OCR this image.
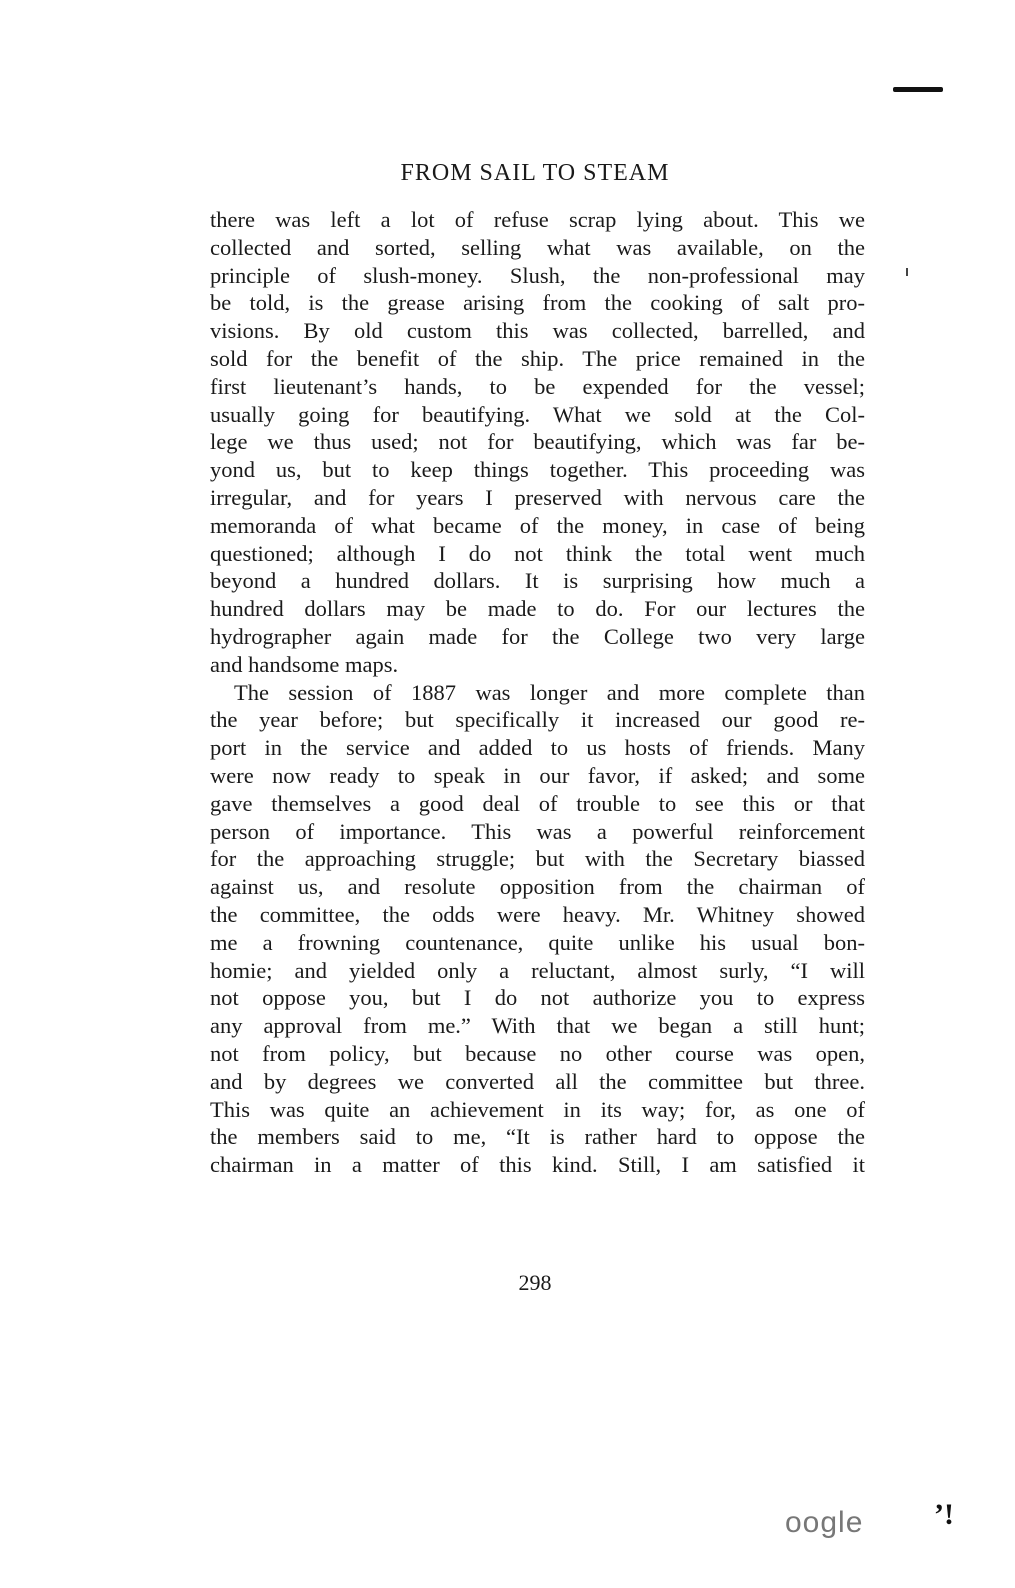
FROM SAIL TO STEAM
there was left a lot of refuse scrap lying about. This we
collected and sorted, selling what was available, on the
principle of slush-money. Slush, the non-professional may
be told, is the grease arising from the cooking of salt pro-
visions. By old custom this was collected, barrelled, and
sold for the benefit of the ship. The price remained in the
first lieutenant’s hands, to be expended for the vessel;
usually going for beautifying. What we sold at the Col-
lege we thus used; not for beautifying, which was far be-
yond us, but to keep things together. This proceeding was
irregular, and for years I preserved with nervous care the
memoranda of what became of the money, in case of being
questioned; although I do not think the total went much
beyond a hundred dollars. It is surprising how much a
hundred dollars may be made to do. For our lectures the
hydrographer again made for the College two very large
and handsome maps.
The session of 1887 was longer and more complete than
the year before; but specifically it increased our good re-
port in the service and added to us hosts of friends. Many
were now ready to speak in our favor, if asked; and some
gave themselves a good deal of trouble to see this or that
person of importance. This was a powerful reinforcement
for the approaching struggle; but with the Secretary biassed
against us, and resolute opposition from the chairman of
the committee, the odds were heavy. Mr. Whitney showed
me a frowning countenance, quite unlike his usual bon-
homie; and yielded only a reluctant, almost surly, “I will
not oppose you, but I do not authorize you to express
any approval from me.” With that we began a still hunt;
not from policy, but because no other course was open,
and by degrees we converted all the committee but three.
This was quite an achievement in its way; for, as one of
the members said to me, “It is rather hard to oppose the
chairman in a matter of this kind. Still, I am satisfied it
298
oogle ’!
